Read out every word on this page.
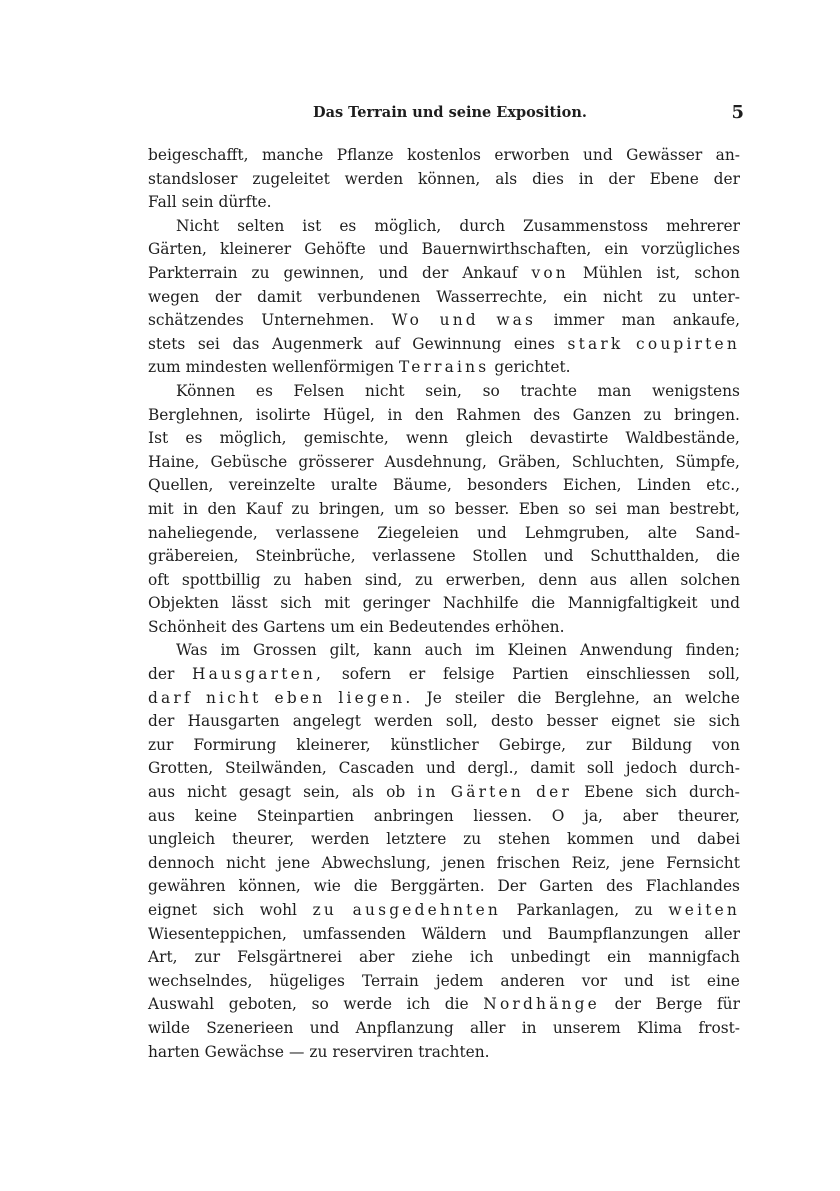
Das Terrain und seine Exposition.	5
beigeschafft, manche Pflanze kostenlos erworben und Gewässer an-
standsloser zugeleitet werden können, als dies in der Ebene der
Fall sein dürfte.
Nicht selten ist es möglich, durch Zusammenstoss mehrerer
Gärten, kleinerer Gehöfte und Bauernwirthschaften, ein vorzügliches
Parkterrain zu gewinnen, und der Ankauf von Mühlen ist, schon
wegen der damit verbundenen Wasserrechte, ein nicht zu unter-
schätzendes Unternehmen. Wo und was immer man ankaufe,
stets sei das Augenmerk auf Gewinnung eines stark coupirten
zum mindesten wellenförmigen Terrains gerichtet.
Können es Felsen nicht sein, so trachte man wenigstens
Berglehnen, isolirte Hügel, in den Rahmen des Ganzen zu bringen.
Ist es möglich, gemischte, wenn gleich devastirte Waldbestände,
Haine, Gebüsche grösserer Ausdehnung, Gräben, Schluchten, Sümpfe,
Quellen, vereinzelte uralte Bäume, besonders Eichen, Linden etc.,
mit in den Kauf zu bringen, um so besser. Eben so sei man bestrebt,
naheliegende, verlassene Ziegeleien und Lehmgruben, alte Sand-
gräbereien, Steinbrüche, verlassene Stollen und Schutthalden, die
oft spottbillig zu haben sind, zu erwerben, denn aus allen solchen
Objekten lässt sich mit geringer Nachhilfe die Mannigfaltigkeit und
Schönheit des Gartens um ein Bedeutendes erhöhen.
Was im Grossen gilt, kann auch im Kleinen Anwendung finden;
der Hausgarten, sofern er felsige Partien einschliessen soll,
darf nicht eben liegen. Je steiler die Berglehne, an welche
der Hausgarten angelegt werden soll, desto besser eignet sie sich
zur Formirung kleinerer, künstlicher Gebirge, zur Bildung von
Grotten, Steilwänden, Cascaden und dergl., damit soll jedoch durch-
aus nicht gesagt sein, als ob in Gärten der Ebene sich durch-
aus keine Steinpartien anbringen liessen. O ja, aber theurer,
ungleich theurer, werden letztere zu stehen kommen und dabei
dennoch nicht jene Abwechslung, jenen frischen Reiz, jene Fernsicht
gewähren können, wie die Berggärten. Der Garten des Flachlandes
eignet sich wohl zu ausgedehnten Parkanlagen, zu weiten
Wiesenteppichen, umfassenden Wäldern und Baumpflanzungen aller
Art, zur Felsgärtnerei aber ziehe ich unbedingt ein mannigfach
wechselndes, hügeliges Terrain jedem anderen vor und ist eine
Auswahl geboten, so werde ich die Nordhänge der Berge für
wilde Szenerieen und Anpflanzung aller in unserem Klima frost-
harten Gewächse — zu reserviren trachten.
